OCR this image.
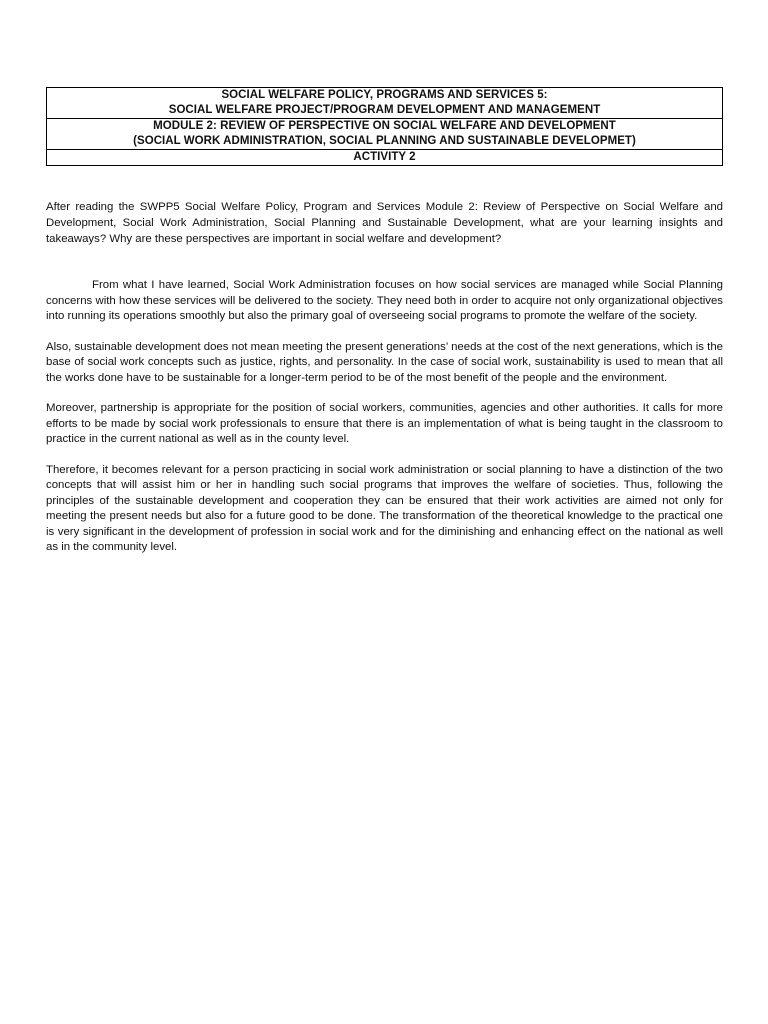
SOCIAL WELFARE POLICY, PROGRAMS AND SERVICES 5:
SOCIAL WELFARE PROJECT/PROGRAM DEVELOPMENT AND MANAGEMENT

MODULE 2: REVIEW OF PERSPECTIVE ON SOCIAL WELFARE AND DEVELOPMENT
(SOCIAL WORK ADMINISTRATION, SOCIAL PLANNING AND SUSTAINABLE DEVELOPMET)

ACTIVITY 2
After reading the SWPP5 Social Welfare Policy, Program and Services Module 2: Review of Perspective on Social Welfare and Development, Social Work Administration, Social Planning and Sustainable Development, what are your learning insights and takeaways? Why are these perspectives are important in social welfare and development?

From what I have learned, Social Work Administration focuses on how social services are managed while Social Planning concerns with how these services will be delivered to the society. They need both in order to acquire not only organizational objectives into running its operations smoothly but also the primary goal of overseeing social programs to promote the welfare of the society.

Also, sustainable development does not mean meeting the present generations’ needs at the cost of the next generations, which is the base of social work concepts such as justice, rights, and personality. In the case of social work, sustainability is used to mean that all the works done have to be sustainable for a longer-term period to be of the most benefit of the people and the environment.

Moreover, partnership is appropriate for the position of social workers, communities, agencies and other authorities. It calls for more efforts to be made by social work professionals to ensure that there is an implementation of what is being taught in the classroom to practice in the current national as well as in the county level.

Therefore, it becomes relevant for a person practicing in social work administration or social planning to have a distinction of the two concepts that will assist him or her in handling such social programs that improves the welfare of societies. Thus, following the principles of the sustainable development and cooperation they can be ensured that their work activities are aimed not only for meeting the present needs but also for a future good to be done. The transformation of the theoretical knowledge to the practical one is very significant in the development of profession in social work and for the diminishing and enhancing effect on the national as well as in the community level.
